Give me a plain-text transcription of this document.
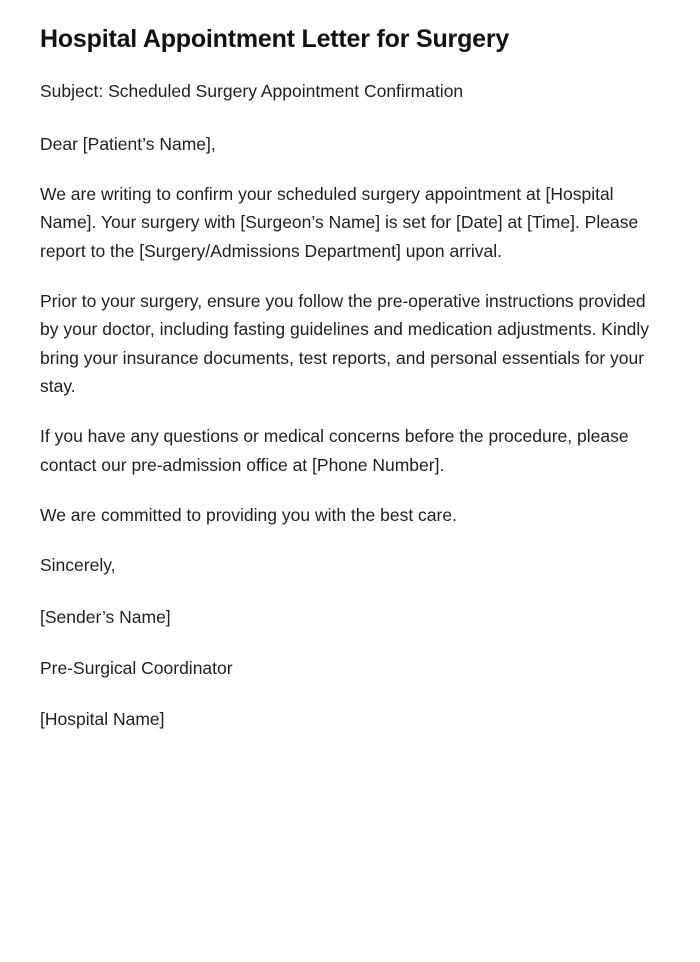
Hospital Appointment Letter for Surgery

Subject: Scheduled Surgery Appointment Confirmation

Dear [Patient’s Name],

We are writing to confirm your scheduled surgery appointment at [Hospital Name]. Your surgery with [Surgeon’s Name] is set for [Date] at [Time]. Please report to the [Surgery/Admissions Department] upon arrival.

Prior to your surgery, ensure you follow the pre-operative instructions provided by your doctor, including fasting guidelines and medication adjustments. Kindly bring your insurance documents, test reports, and personal essentials for your stay.

If you have any questions or medical concerns before the procedure, please contact our pre-admission office at [Phone Number].

We are committed to providing you with the best care.

Sincerely,

[Sender’s Name]

Pre-Surgical Coordinator

[Hospital Name]
